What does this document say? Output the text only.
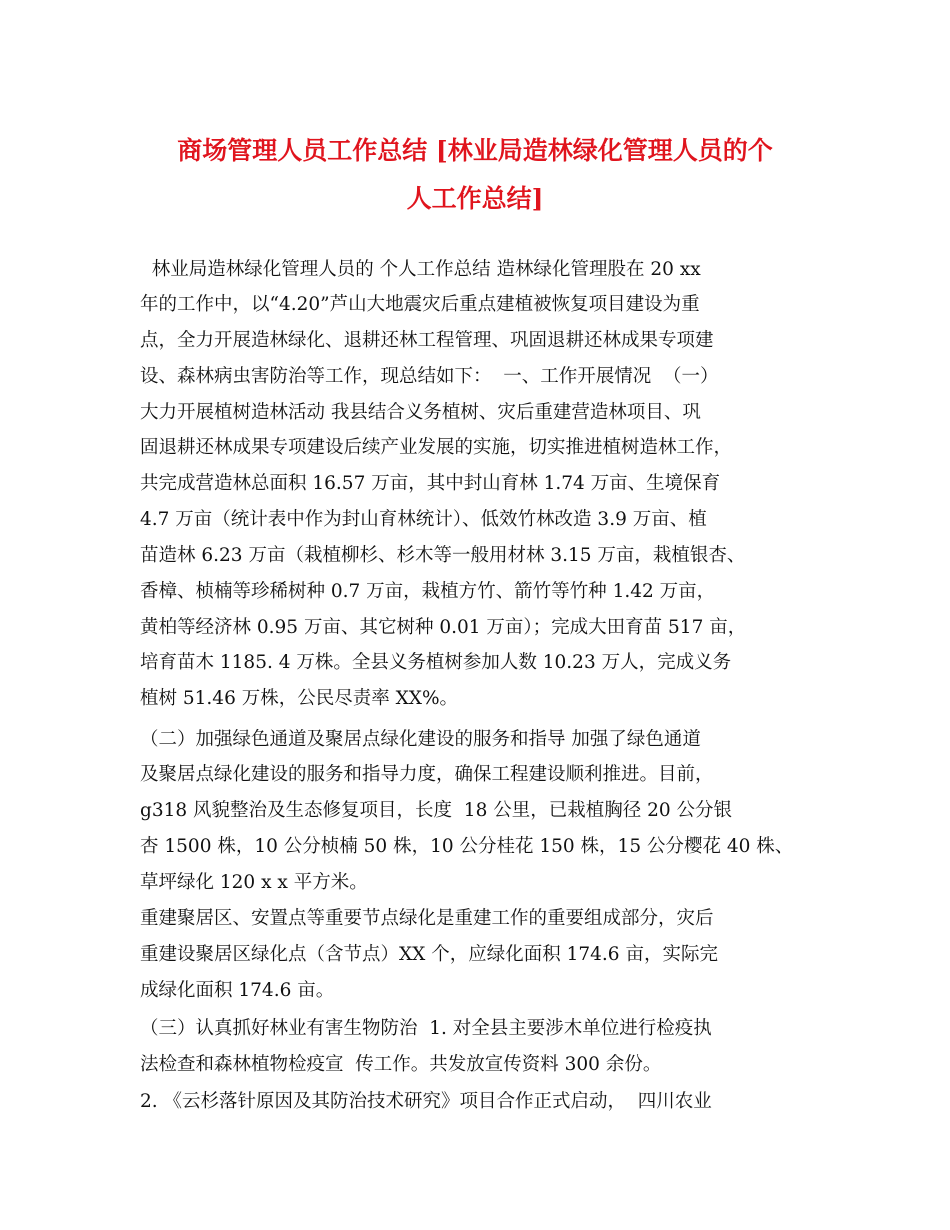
商场管理人员工作总结 [林业局造林绿化管理人员的个
人工作总结]
林业局造林绿化管理人员的 个人工作总结 造林绿化管理股在 20 xx
年的工作中，以“4.20”芦山大地震灾后重点建植被恢复项目建设为重
点，全力开展造林绿化、退耕还林工程管理、巩固退耕还林成果专项建
设、森林病虫害防治等工作，现总结如下：  一、工作开展情况  （一）
大力开展植树造林活动 我县结合义务植树、灾后重建营造林项目、巩
固退耕还林成果专项建设后续产业发展的实施，切实推进植树造林工作，
共完成营造林总面积 16.57 万亩，其中封山育林 1.74 万亩、生境保育
4.7 万亩（统计表中作为封山育林统计）、低效竹林改造 3.9 万亩、植
苗造林 6.23 万亩（栽植柳杉、杉木等一般用材林 3.15 万亩，栽植银杏、
香樟、桢楠等珍稀树种 0.7 万亩，栽植方竹、箭竹等竹种 1.42 万亩，
黄柏等经济林 0.95 万亩、其它树种 0.01 万亩）；完成大田育苗 517 亩，
培育苗木 1185. 4 万株。全县义务植树参加人数 10.23 万人，完成义务
植树 51.46 万株，公民尽责率 XX%。
（二）加强绿色通道及聚居点绿化建设的服务和指导 加强了绿色通道
及聚居点绿化建设的服务和指导力度，确保工程建设顺利推进。目前，
g318 风貌整治及生态修复项目，长度  18 公里，已栽植胸径 20 公分银
杏 1500 株，10 公分桢楠 50 株，10 公分桂花 150 株，15 公分樱花 40 株、
草坪绿化 120 x x 平方米。
重建聚居区、安置点等重要节点绿化是重建工作的重要组成部分，灾后
重建设聚居区绿化点（含节点）XX 个，应绿化面积 174.6 亩，实际完
成绿化面积 174.6 亩。
（三）认真抓好林业有害生物防治  1. 对全县主要涉木单位进行检疫执
法检查和森林植物检疫宣  传工作。共发放宣传资料 300 余份。
2. 《云杉落针原因及其防治技术研究》项目合作正式启动，  四川农业
